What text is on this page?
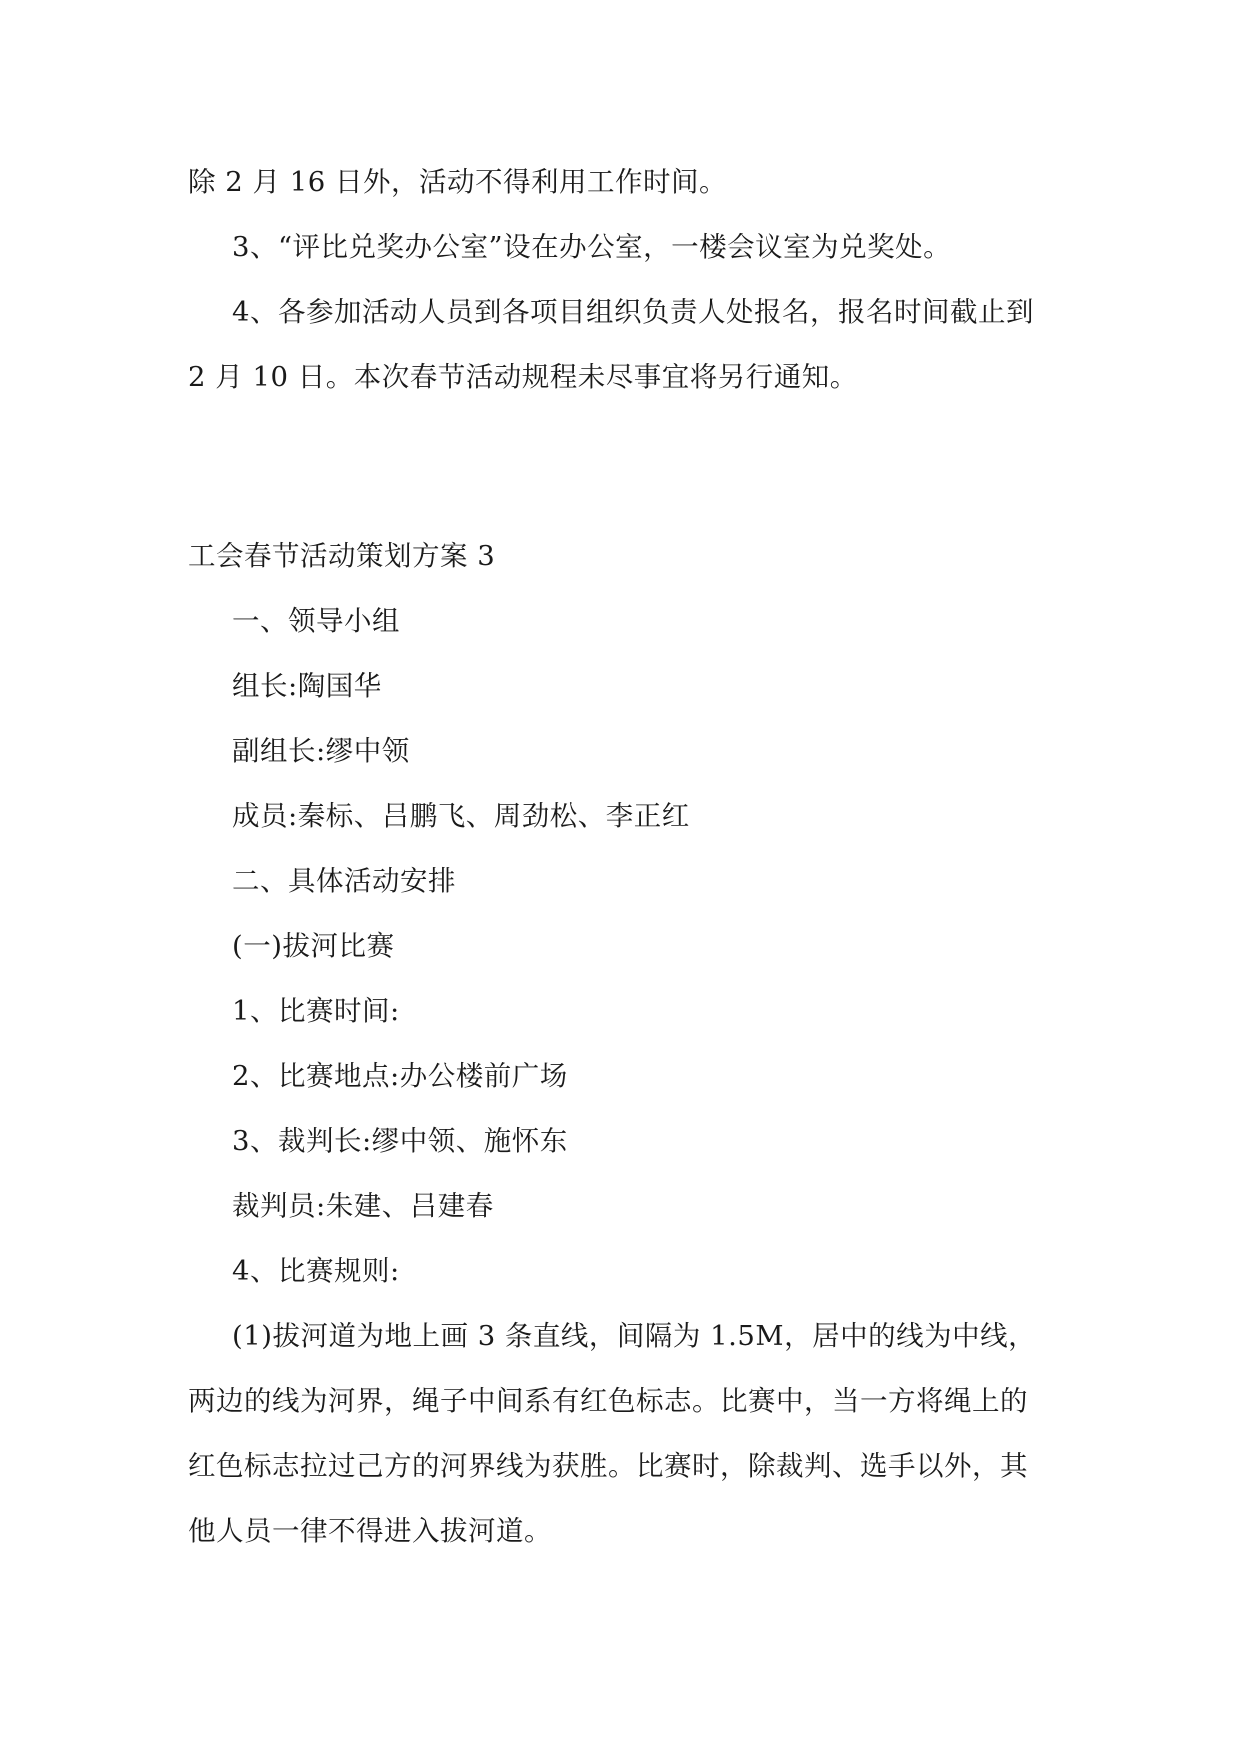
除 2 月 16 日外，活动不得利用工作时间。
3、“评比兑奖办公室”设在办公室，一楼会议室为兑奖处。
4、各参加活动人员到各项目组织负责人处报名，报名时间截止到
2 月 10 日。本次春节活动规程未尽事宜将另行通知。
工会春节活动策划方案 3
一、领导小组
组长:陶国华
副组长:缪中领
成员:秦标、吕鹏飞、周劲松、李正红
二、具体活动安排
(一)拔河比赛
1、比赛时间:
2、比赛地点:办公楼前广场
3、裁判长:缪中领、施怀东
裁判员:朱建、吕建春
4、比赛规则:
(1)拔河道为地上画 3 条直线，间隔为 1.5M，居中的线为中线，
两边的线为河界，绳子中间系有红色标志。比赛中，当一方将绳上的
红色标志拉过己方的河界线为获胜。比赛时，除裁判、选手以外，其
他人员一律不得进入拔河道。
